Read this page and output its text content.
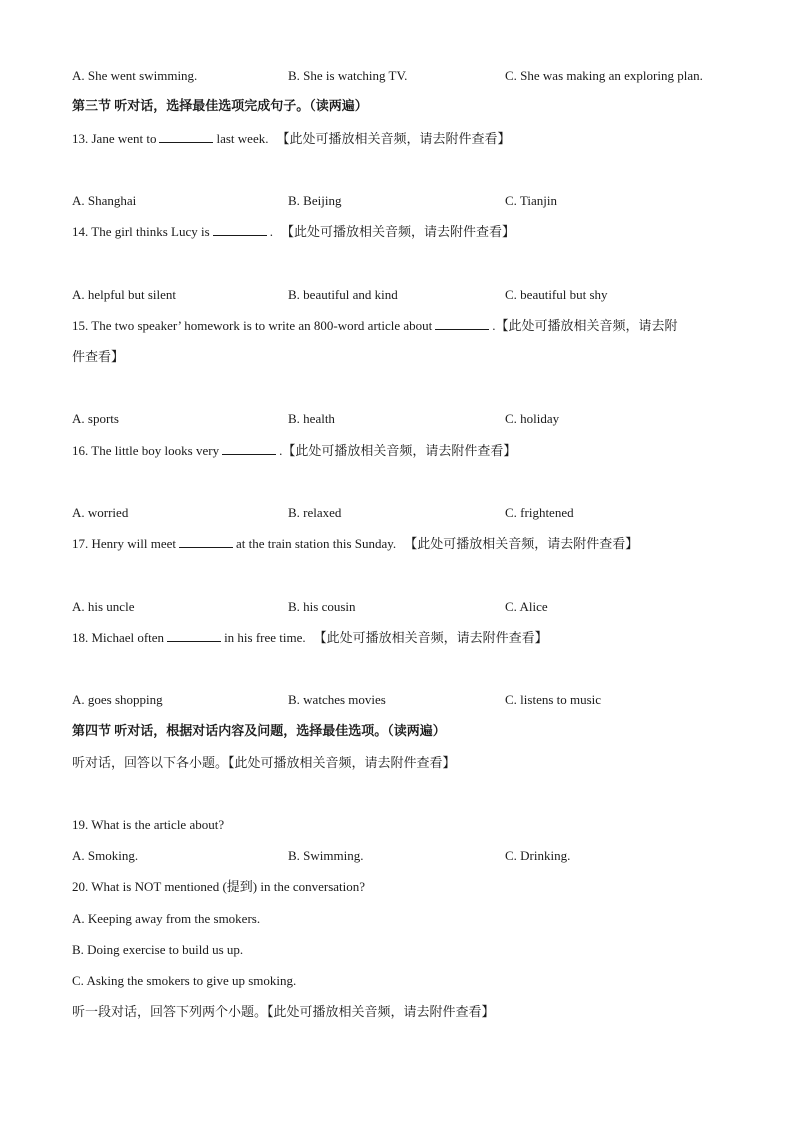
A. She went swimming.	B. She is watching TV.	C. She was making an exploring plan.
第三节 听对话，选择最佳选项完成句子。（读两遍）
13. Jane went to	last week. 【此处可播放相关音频，请去附件查看】
A. Shanghai	B. Beijing	C. Tianjin
14. The girl thinks Lucy is	. 【此处可播放相关音频，请去附件查看】
A. helpful but silent	B. beautiful and kind	C. beautiful but shy
15. The two speaker’ homework is to write an 800-word article about	.【此处可播放相关音频，请去附
件查看】
A. sports	B. health	C. holiday
16. The little boy looks very	.【此处可播放相关音频，请去附件查看】
A. worried	B. relaxed	C. frightened
17. Henry will meet	at the train station this Sunday. 【此处可播放相关音频，请去附件查看】
A. his uncle	B. his cousin	C. Alice
18. Michael often	in his free time. 【此处可播放相关音频，请去附件查看】
A. goes shopping	B. watches movies	C. listens to music
第四节 听对话，根据对话内容及问题，选择最佳选项。（读两遍）
听对话，回答以下各小题。【此处可播放相关音频，请去附件查看】
19. What is the article about?
A. Smoking.	B. Swimming.	C. Drinking.
20. What is NOT mentioned (提到) in the conversation?
A. Keeping away from the smokers.
B. Doing exercise to build us up.
C. Asking the smokers to give up smoking.
听一段对话，回答下列两个小题。【此处可播放相关音频，请去附件查看】
